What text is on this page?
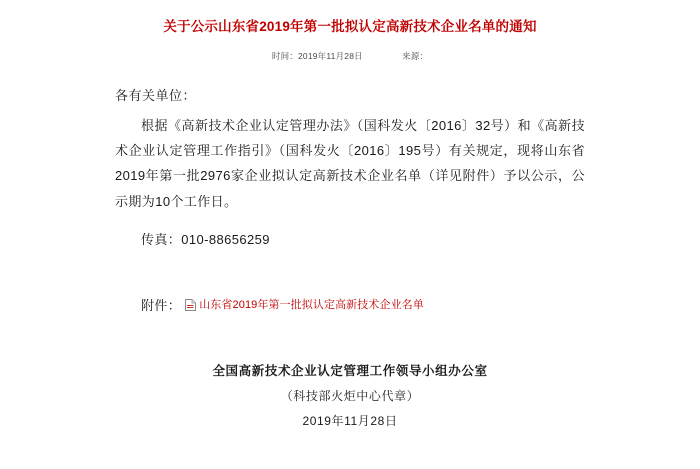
关于公示山东省2019年第一批拟认定高新技术企业名单的通知
时间：2019年11月28日	来源：
各有关单位：
根据《高新技术企业认定管理办法》（国科发火〔2016〕32号）和《高新技术企业认定管理工作指引》（国科发火〔2016〕195号）有关规定，现将山东省2019年第一批2976家企业拟认定高新技术企业名单（详见附件）予以公示，公示期为10个工作日。
传真：010-88656259
附件： 山东省2019年第一批拟认定高新技术企业名单
全国高新技术企业认定管理工作领导小组办公室
（科技部火炬中心代章）
2019年11月28日
